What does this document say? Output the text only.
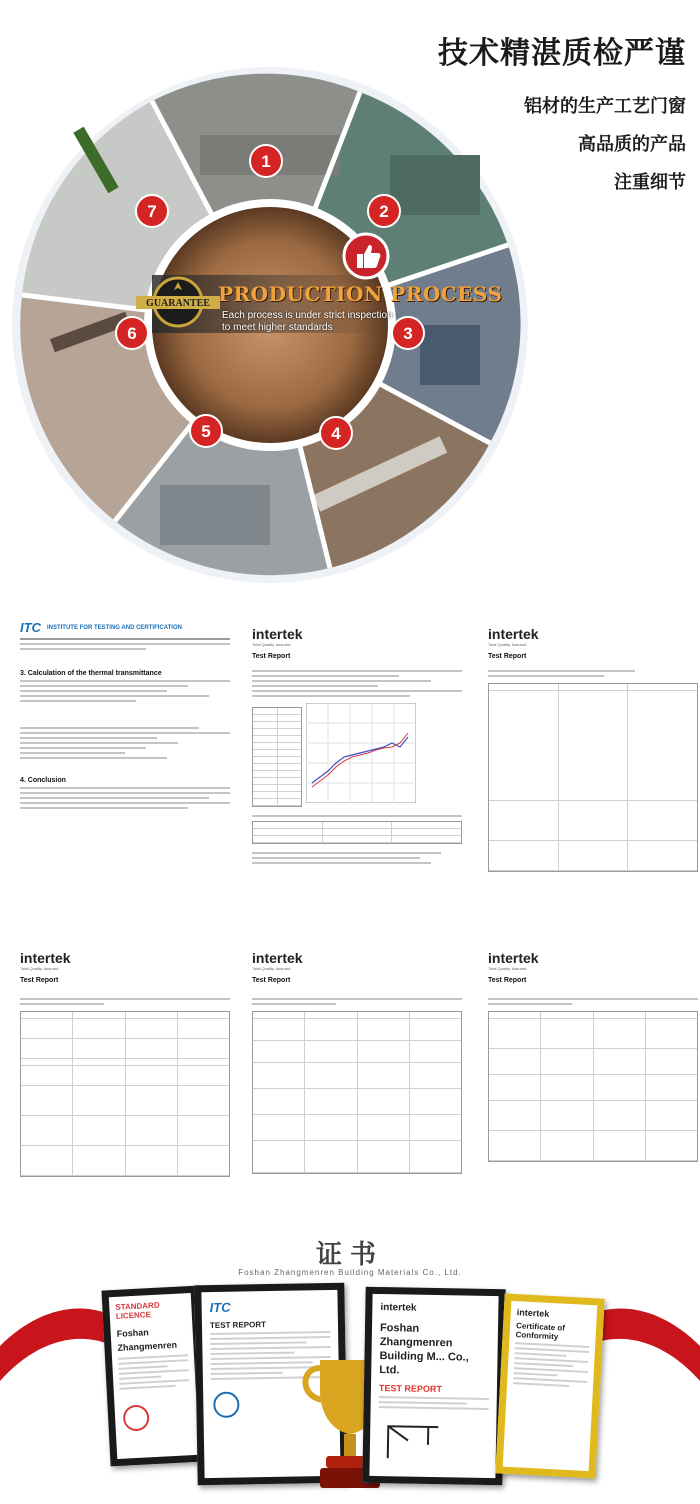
技术精湛质检严谨
铝材的生产工艺门窗
高品质的产品
注重细节
1
2
3
4
5
6
7
GUARANTEE PRODUCTION PROCESS
Each process is under strict inspection to meet higher standards
ITC INSTITUTE FOR TESTING AND CERTIFICATION
3. Calculation of the thermal transmittance
4. Conclusion
intertek
Total Quality. Assured.
Test Report
intertek
Total Quality. Assured.
Test Report
intertek
Total Quality. Assured.
Test Report
intertek
Total Quality. Assured.
Test Report
intertek
Total Quality. Assured.
Test Report
证书
Foshan Zhangmenren Building Materials Co., Ltd.
STANDARD LICENCE
Foshan Zhangmenren
ITC
TEST REPORT
intertek
Foshan Zhangmenren Building M... Co., Ltd.
TEST REPORT
intertek
Certificate of Conformity
